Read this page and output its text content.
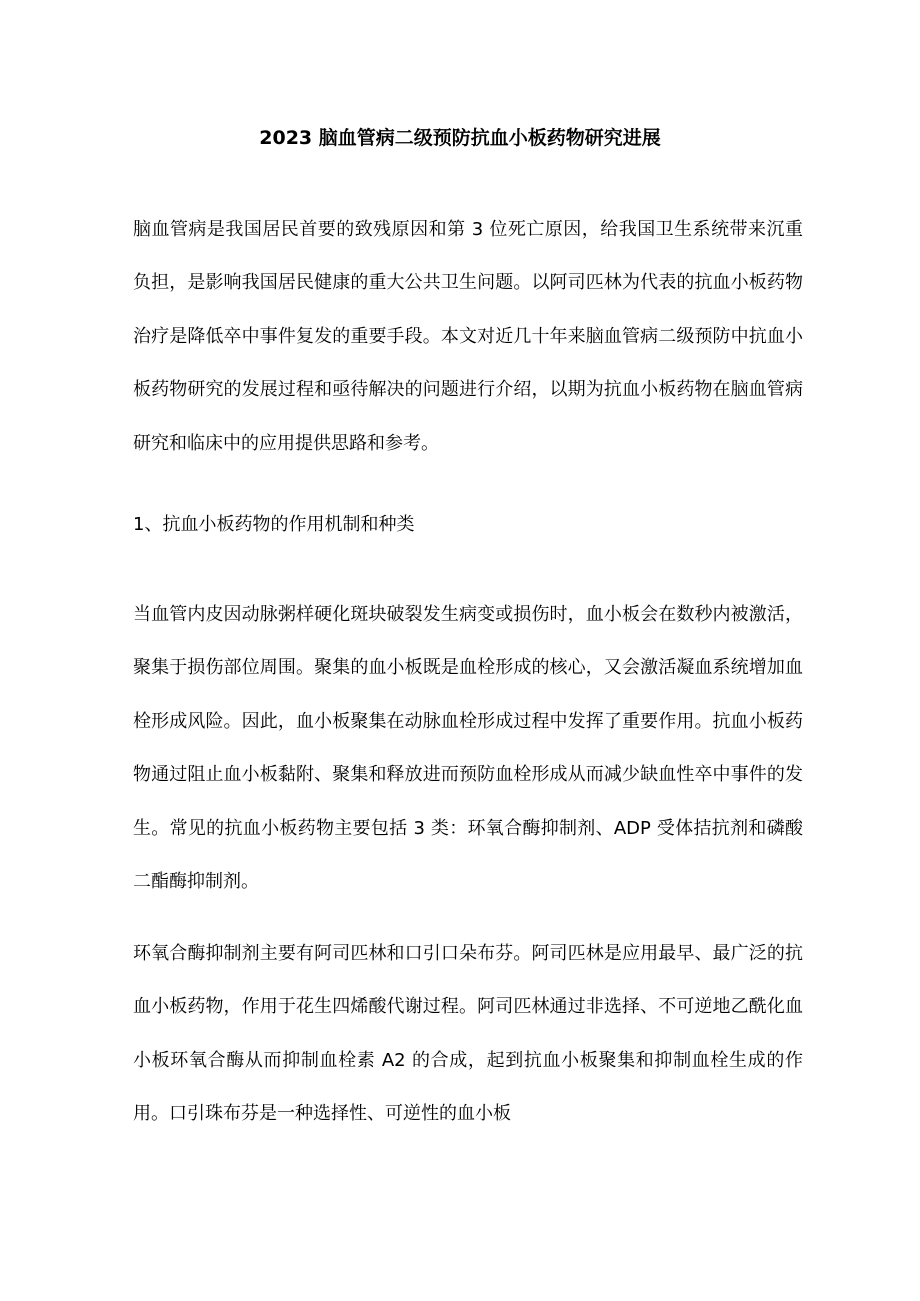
2023 脑血管病二级预防抗血小板药物研究进展

脑血管病是我国居民首要的致残原因和第 3 位死亡原因，给我国卫生系统带来沉重负担，是影响我国居民健康的重大公共卫生问题。以阿司匹林为代表的抗血小板药物治疗是降低卒中事件复发的重要手段。本文对近几十年来脑血管病二级预防中抗血小板药物研究的发展过程和亟待解决的问题进行介绍，以期为抗血小板药物在脑血管病研究和临床中的应用提供思路和参考。

1、抗血小板药物的作用机制和种类

当血管内皮因动脉粥样硬化斑块破裂发生病变或损伤时，血小板会在数秒内被激活，聚集于损伤部位周围。聚集的血小板既是血栓形成的核心，又会激活凝血系统增加血栓形成风险。因此，血小板聚集在动脉血栓形成过程中发挥了重要作用。抗血小板药物通过阻止血小板黏附、聚集和释放进而预防血栓形成从而减少缺血性卒中事件的发生。常见的抗血小板药物主要包括 3 类：环氧合酶抑制剂、ADP 受体拮抗剂和磷酸二酯酶抑制剂。

环氧合酶抑制剂主要有阿司匹林和口引口朵布芬。阿司匹林是应用最早、最广泛的抗血小板药物，作用于花生四烯酸代谢过程。阿司匹林通过非选择、不可逆地乙酰化血小板环氧合酶从而抑制血栓素 A2 的合成，起到抗血小板聚集和抑制血栓生成的作用。口引珠布芬是一种选择性、可逆性的血小板
